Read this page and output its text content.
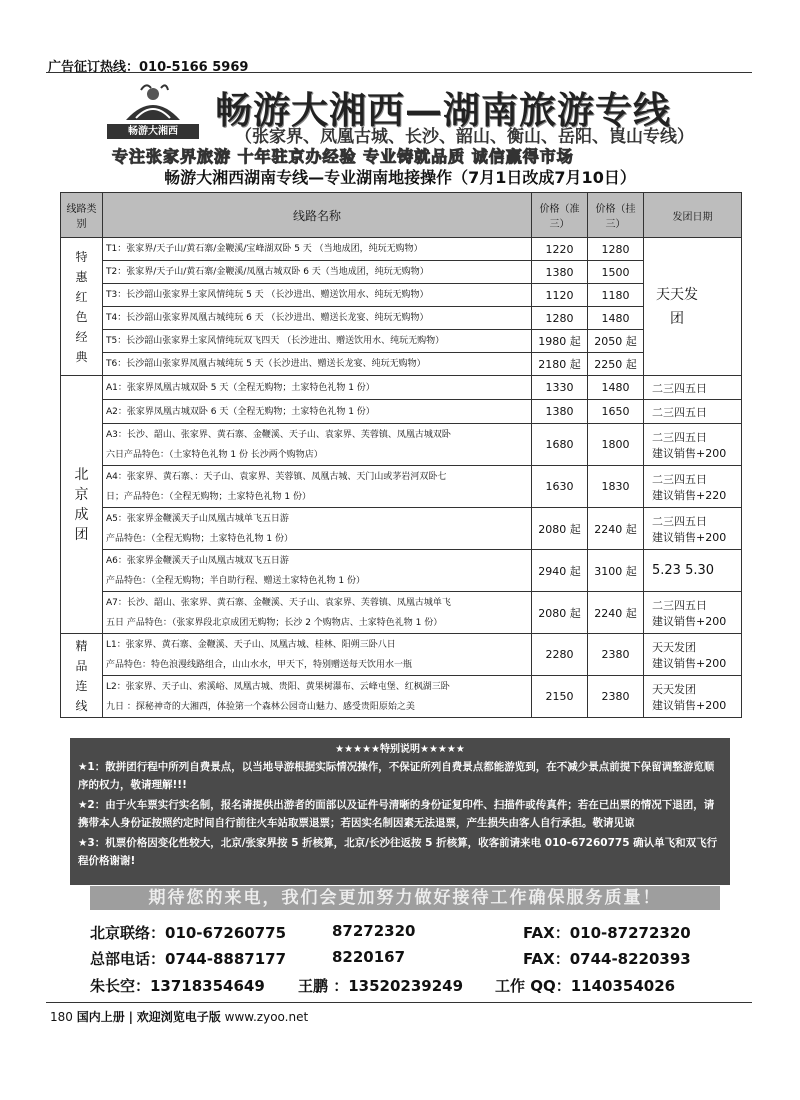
广告征订热线：010-5166 5969
畅游大湘西	畅游大湘西—湖南旅游专线
（张家界、凤凰古城、长沙、韶山、衡山、岳阳、崀山专线）
专注张家界旅游 十年驻京办经验 专业铸就品质 诚信赢得市场
畅游大湘西湖南专线—专业湖南地接操作（7月1日改成7月10日）
线路类别	线路名称	价格（准三）	价格（挂三）	发团日期
特惠红色经典	T1：张家界/天子山/黄石寨/金鞭溪/宝峰湖双卧 5 天 （当地成团，纯玩无购物）	1220	1280	天天发团
	T2：张家界/天子山/黄石寨/金鞭溪/凤凰古城双卧 6 天（当地成团，纯玩无购物）	1380	1500	
	T3：长沙韶山张家界土家风情纯玩 5 天 （长沙进出、赠送饮用水、纯玩无购物）	1120	1180	
	T4：长沙韶山张家界凤凰古城纯玩 6 天 （长沙进出、赠送长龙宴、纯玩无购物）	1280	1480	
	T5：长沙韶山张家界土家风情纯玩双飞四天 （长沙进出、赠送饮用水、纯玩无购物）	1980 起	2050 起	
	T6：长沙韶山张家界凤凰古城纯玩 5 天（长沙进出、赠送长龙宴、纯玩无购物）	2180 起	2250 起	
北京成团	A1：张家界凤凰古城双卧 5 天（全程无购物；土家特色礼物 1 份）	1330	1480	二三四五日

	A2：张家界凤凰古城双卧 6 天（全程无购物；土家特色礼物 1 份）	1380	1650	二三四五日

	A3：长沙、韶山、张家界、黄石寨、金鞭溪、天子山、袁家界、芙蓉镇、凤凰古城双卧
六日产品特色：（土家特色礼物 1 份 长沙两个购物店）	1680	1800	二三四五日
建议销售+200

	A4：张家界、黄石寨、：天子山、袁家界、芙蓉镇、凤凰古城、天门山或茅岩河双卧七
日；产品特色：（全程无购物；土家特色礼物 1 份）	1630	1830	二三四五日
建议销售+220

	A5：张家界金鞭溪天子山凤凰古城单飞五日游
产品特色：（全程无购物；土家特色礼物 1 份）	2080 起	2240 起	二三四五日
建议销售+200

	A6：张家界金鞭溪天子山凤凰古城双飞五日游
产品特色：（全程无购物；半自助行程、赠送土家特色礼物 1 份）	2940 起	3100 起	5.23 5.30

	A7：长沙、韶山、张家界、黄石寨、金鞭溪、天子山、袁家界、芙蓉镇、凤凰古城单飞
五日 产品特色：（张家界段北京成团无购物；长沙 2 个购物店、土家特色礼物 1 份）	2080 起	2240 起	二三四五日
建议销售+200

精品连线	L1：张家界、黄石寨、金鞭溪、天子山、凤凰古城、桂林、阳朔三卧八日
产品特色：特色浪漫线路组合，山山水水，甲天下，特别赠送每天饮用水一瓶	2280	2380	天天发团
建议销售+200

	L2：张家界、天子山、索溪峪、凤凰古城、贵阳、黄果树瀑布、云峰屯堡、红枫湖三卧
九日 ：探秘神奇的大湘西，体验第一个森林公园奇山魅力、感受贵阳原始之美	2150	2380	天天发团
建议销售+200
★★★★★特别说明★★★★★

★1：散拼团行程中所列自费景点，以当地导游根据实际情况操作，不保证所列自费景点都能游览到，在不减少景点前提下保留调整游览顺序的权力，敬请理解!!!

★2：由于火车票实行实名制，报名请提供出游者的面部以及证件号清晰的身份证复印件、扫描件或传真件；若在已出票的情况下退团，请携带本人身份证按照约定时间自行前往火车站取票退票；若因实名制因素无法退票，产生损失由客人自行承担。敬请见谅

★3：机票价格因变化性较大，北京/张家界按 5 折核算，北京/长沙往返按 5 折核算，收客前请来电 010-67260775 确认单飞和双飞行程价格谢谢!

期待您的来电，我们会更加努力做好接待工作确保服务质量！
北京联络：010-67260775	87272320	FAX：010-87272320
总部电话：0744-8887177	8220167	FAX：0744-8220393
朱长空：13718354649 王鹏 ：13520239249 工作 QQ：1140354026
180 国内上册 | 欢迎浏览电子版 www.zyoo.net
